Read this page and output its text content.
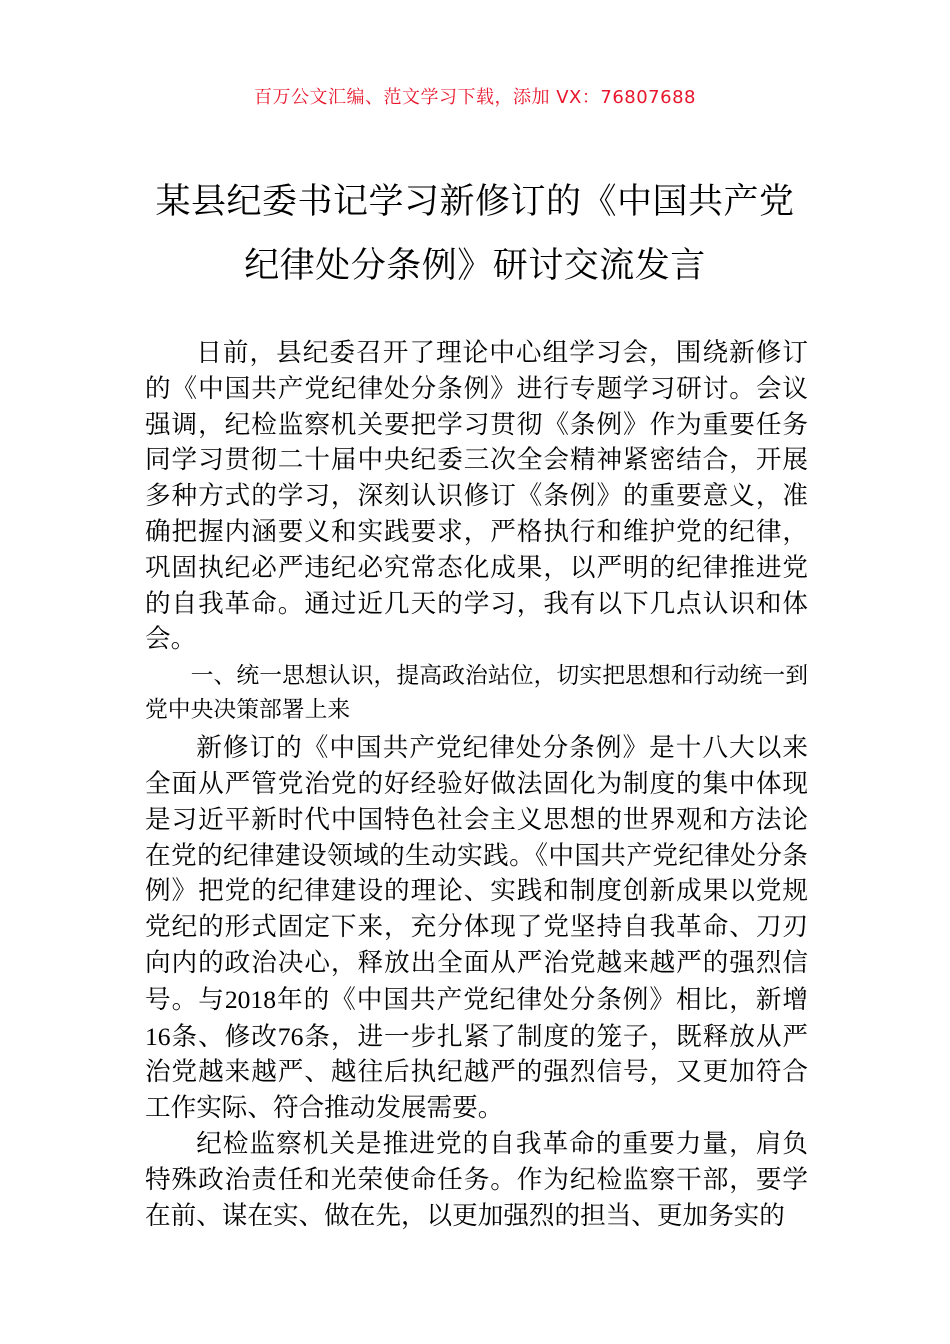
百万公文汇编、范文学习下载，添加 VX：76807688
某县纪委书记学习新修订的《中国共产党
纪律处分条例》研讨交流发言

日前，县纪委召开了理论中心组学习会，围绕新修订的《中国共产党纪律处分条例》进行专题学习研讨。会议强调，纪检监察机关要把学习贯彻《条例》作为重要任务同学习贯彻二十届中央纪委三次全会精神紧密结合，开展多种方式的学习，深刻认识修订《条例》的重要意义，准确把握内涵要义和实践要求，严格执行和维护党的纪律，巩固执纪必严违纪必究常态化成果，以严明的纪律推进党的自我革命。通过近几天的学习，我有以下几点认识和体会。

一、统一思想认识，提高政治站位，切实把思想和行动统一到党中央决策部署上来

新修订的《中国共产党纪律处分条例》是十八大以来全面从严管党治党的好经验好做法固化为制度的集中体现是习近平新时代中国特色社会主义思想的世界观和方法论在党的纪律建设领域的生动实践。《中国共产党纪律处分条例》把党的纪律建设的理论、实践和制度创新成果以党规党纪的形式固定下来，充分体现了党坚持自我革命、刀刃向内的政治决心，释放出全面从严治党越来越严的强烈信号。与2018年的《中国共产党纪律处分条例》相比，新增16条、修改76条，进一步扎紧了制度的笼子，既释放从严治党越来越严、越往后执纪越严的强烈信号，又更加符合工作实际、符合推动发展需要。

纪检监察机关是推进党的自我革命的重要力量，肩负特殊政治责任和光荣使命任务。作为纪检监察干部，要学在前、谋在实、做在先，以更加强烈的担当、更加务实的
